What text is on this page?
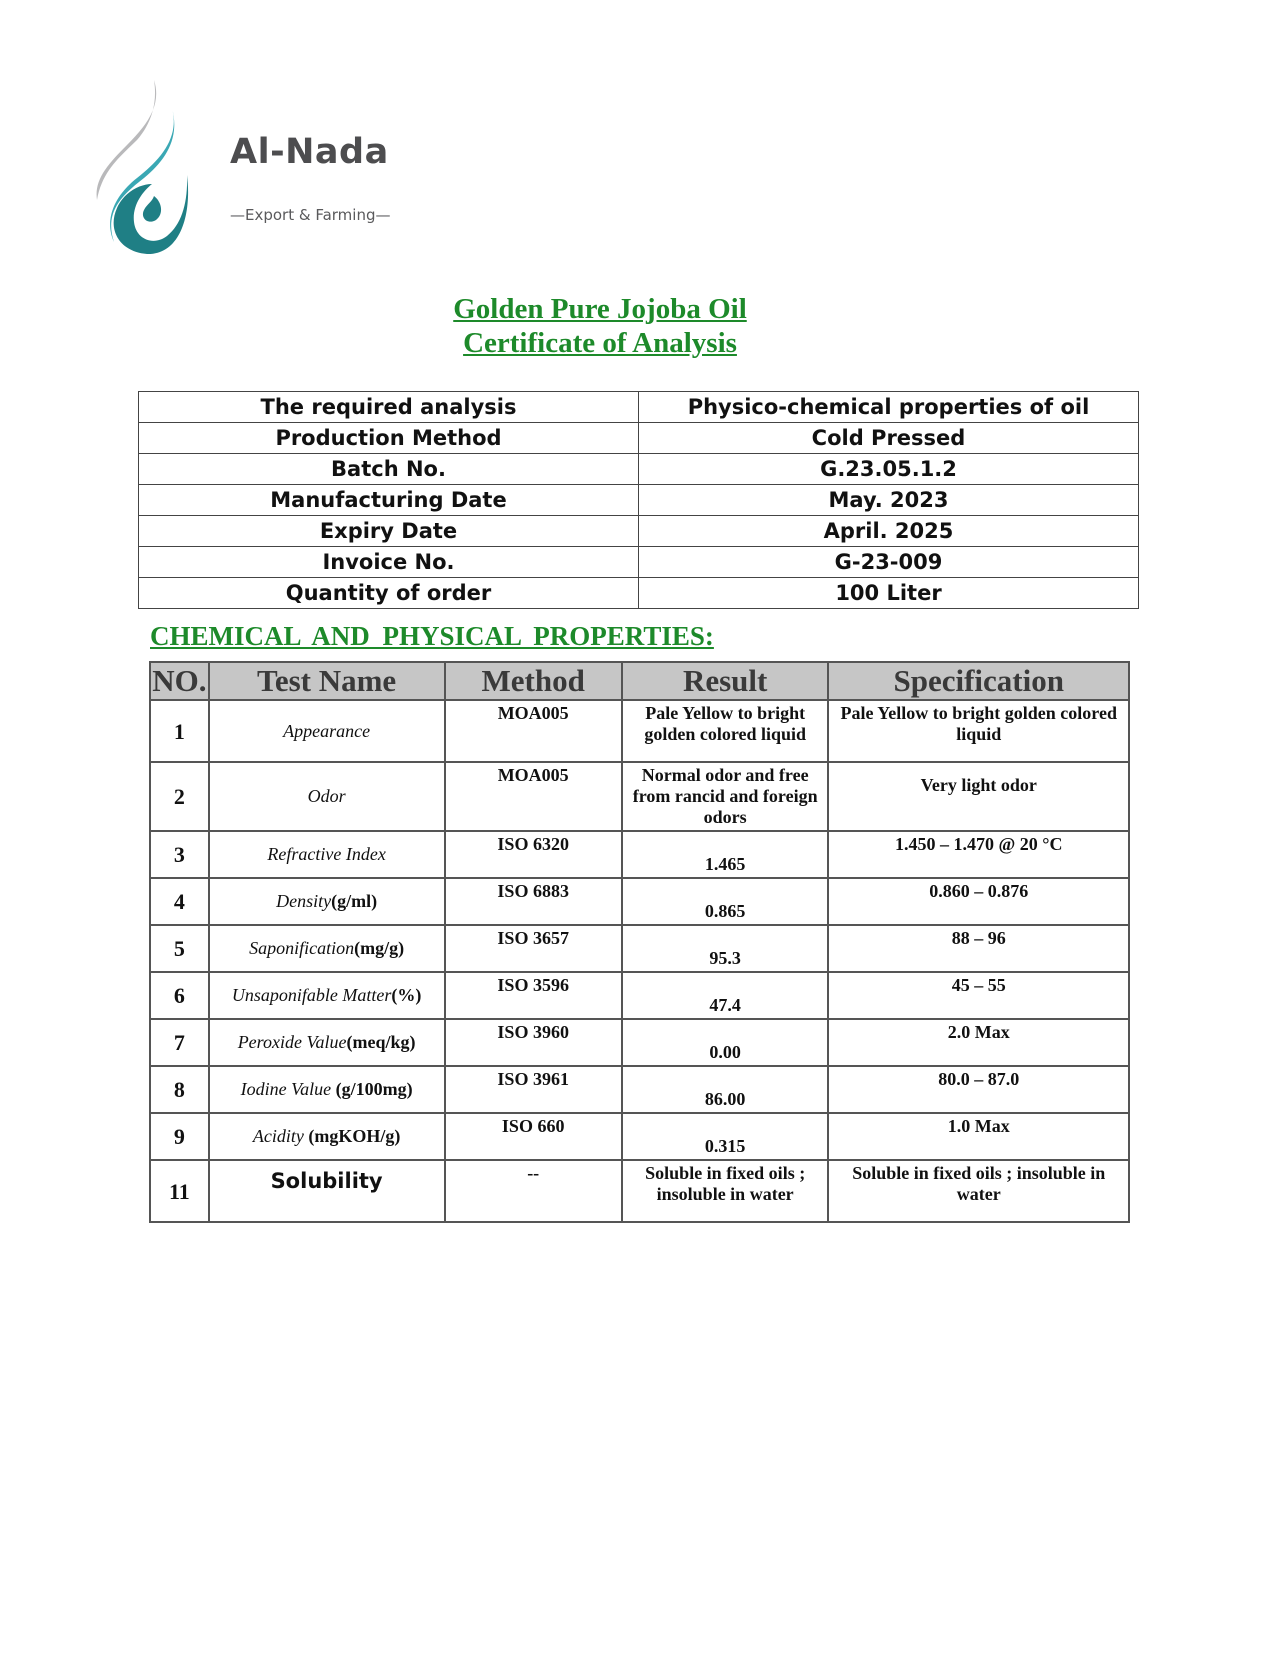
Al-Nada
—Export & Farming—
Golden Pure Jojoba Oil
Certificate of Analysis
The required analysis	Physico-chemical properties of oil
Production Method	Cold Pressed
Batch No.	G.23.05.1.2
Manufacturing Date	May. 2023
Expiry Date	April. 2025
Invoice No.	G-23-009
Quantity of order	100 Liter
CHEMICAL AND PHYSICAL PROPERTIES:
NO.	Test Name	Method	Result	Specification
1	Appearance	MOA005	Pale Yellow to bright golden colored liquid	Pale Yellow to bright golden colored liquid
2	Odor	MOA005	Normal odor and free from rancid and foreign odors	Very light odor
3	Refractive Index	ISO 6320	1.465	1.450 – 1.470 @ 20 °C
4	Density(g/ml)	ISO 6883	0.865	0.860 – 0.876
5	Saponification(mg/g)	ISO 3657	95.3	88 – 96
6	Unsaponifable Matter(%)	ISO 3596	47.4	45 – 55
7	Peroxide Value(meq/kg)	ISO 3960	0.00	2.0 Max
8	Iodine Value (g/100mg)	ISO 3961	86.00	80.0 – 87.0
9	Acidity (mgKOH/g)	ISO 660	0.315	1.0 Max
11	Solubility	--	Soluble in fixed oils ; insoluble in water	Soluble in fixed oils ; insoluble in water
